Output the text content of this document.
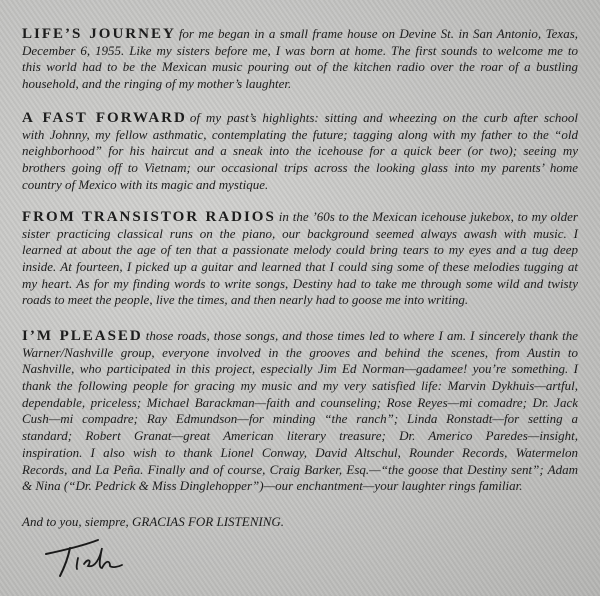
LIFE’S JOURNEY for me began in a small frame house on Devine St. in San Antonio, Texas,
December 6, 1955. Like my sisters before me, I was born at home. The first sounds to welcome me to
this world had to be the Mexican music pouring out of the kitchen radio over the roar of a bustling
household, and the ringing of my mother’s laughter.
A FAST FORWARD of my past’s highlights: sitting and wheezing on the curb after school
with Johnny, my fellow asthmatic, contemplating the future; tagging along with my father to the “old
neighborhood” for his haircut and a sneak into the icehouse for a quick beer (or two); seeing my
brothers going off to Vietnam; our occasional trips across the looking glass into my parents’ home
country of Mexico with its magic and mystique.
FROM TRANSISTOR RADIOS in the ’60s to the Mexican icehouse jukebox, to my older
sister practicing classical runs on the piano, our background seemed always awash with music. I
learned at about the age of ten that a passionate melody could bring tears to my eyes and a tug deep
inside. At fourteen, I picked up a guitar and learned that I could sing some of these melodies tugging at
my heart. As for my finding words to write songs, Destiny had to take me through some wild and twisty
roads to meet the people, live the times, and then nearly had to goose me into writing.
I’M PLEASED those roads, those songs, and those times led to where I am. I sincerely thank the
Warner/Nashville group, everyone involved in the grooves and behind the scenes, from Austin to
Nashville, who participated in this project, especially Jim Ed Norman—gadamee! you’re something. I
thank the following people for gracing my music and my very satisfied life: Marvin Dykhuis—artful,
dependable, priceless; Michael Barackman—faith and counseling; Rose Reyes—mi comadre; Dr. Jack
Cush—mi compadre; Ray Edmundson—for minding “the ranch”; Linda Ronstadt—for setting a
standard; Robert Granat—great American literary treasure; Dr. Americo Paredes—insight,
inspiration. I also wish to thank Lionel Conway, David Altschul, Rounder Records, Watermelon
Records, and La Peña. Finally and of course, Craig Barker, Esq.—“the goose that Destiny sent”; Adam
& Nina (“Dr. Pedrick & Miss Dinglehopper”)—our enchantment—your laughter rings familiar.
And to you, siempre, GRACIAS FOR LISTENING.
